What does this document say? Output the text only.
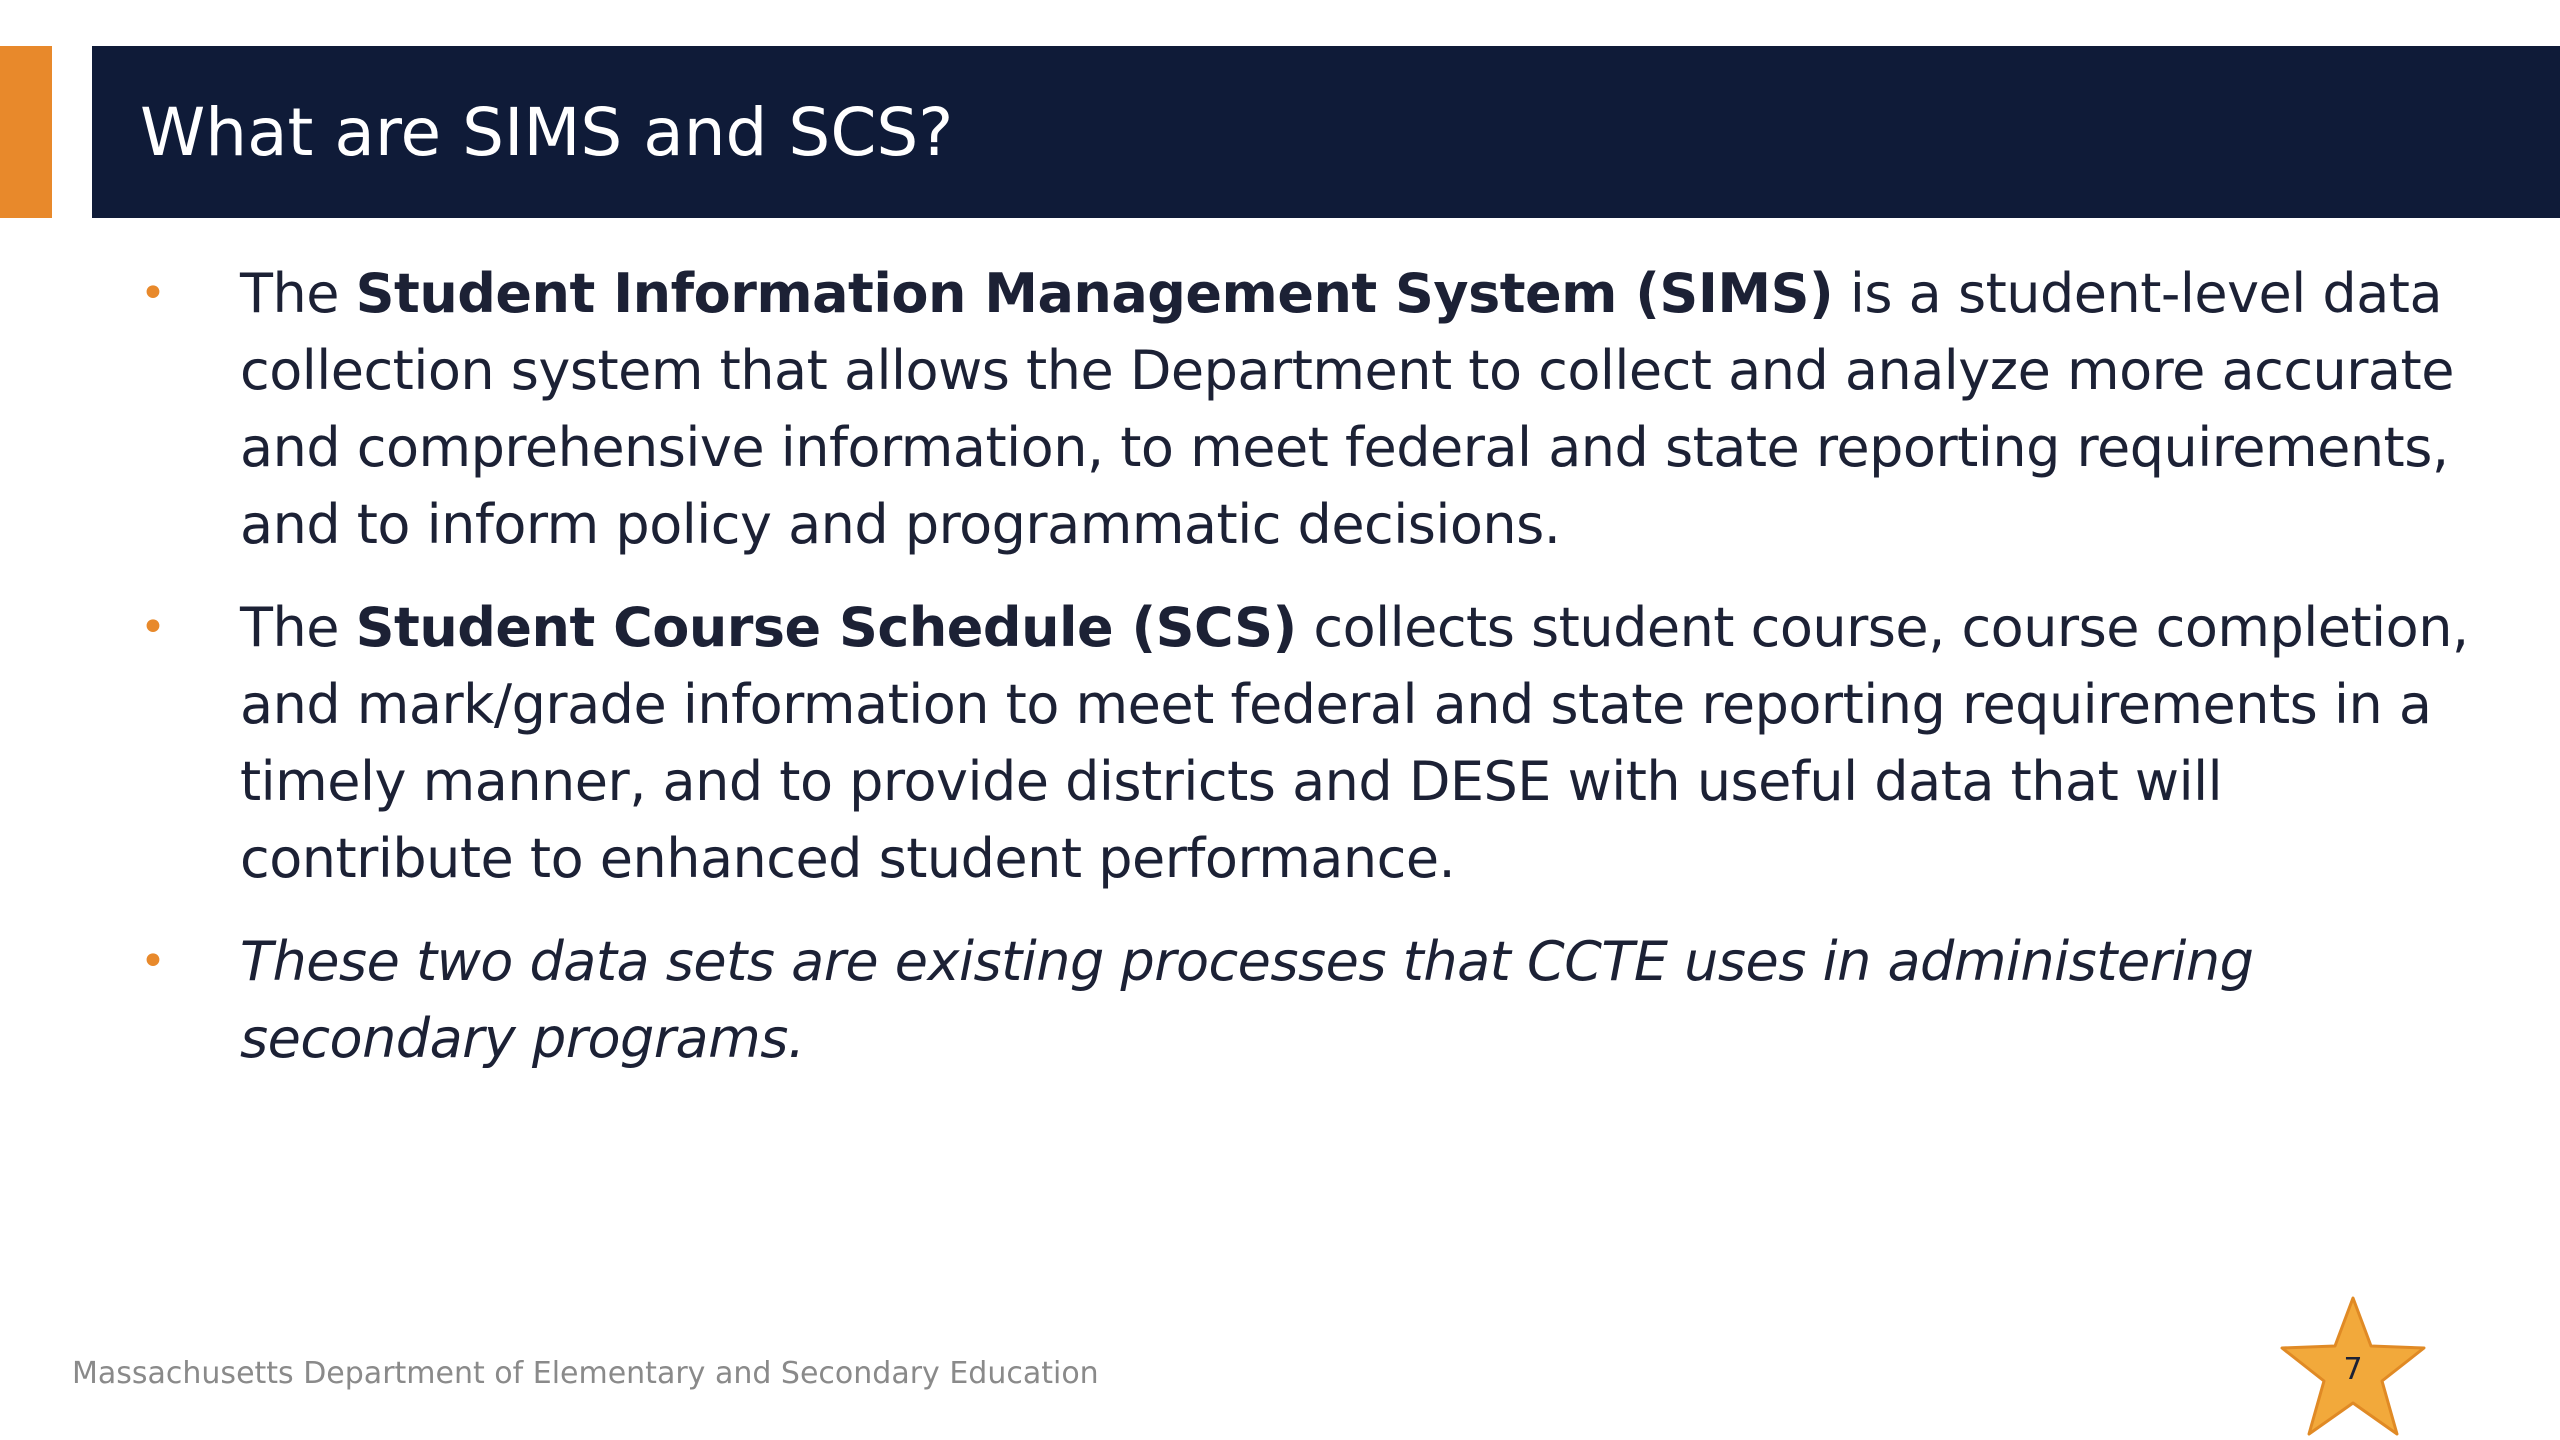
What are SIMS and SCS?
• The Student Information Management System (SIMS) is a student-level data collection system that allows the Department to collect and analyze more accurate and comprehensive information, to meet federal and state reporting requirements, and to inform policy and programmatic decisions.
• The Student Course Schedule (SCS) collects student course, course completion, and mark/grade information to meet federal and state reporting requirements in a timely manner, and to provide districts and DESE with useful data that will contribute to enhanced student performance.
• These two data sets are existing processes that CCTE uses in administering secondary programs.
Massachusetts Department of Elementary and Secondary Education	7
